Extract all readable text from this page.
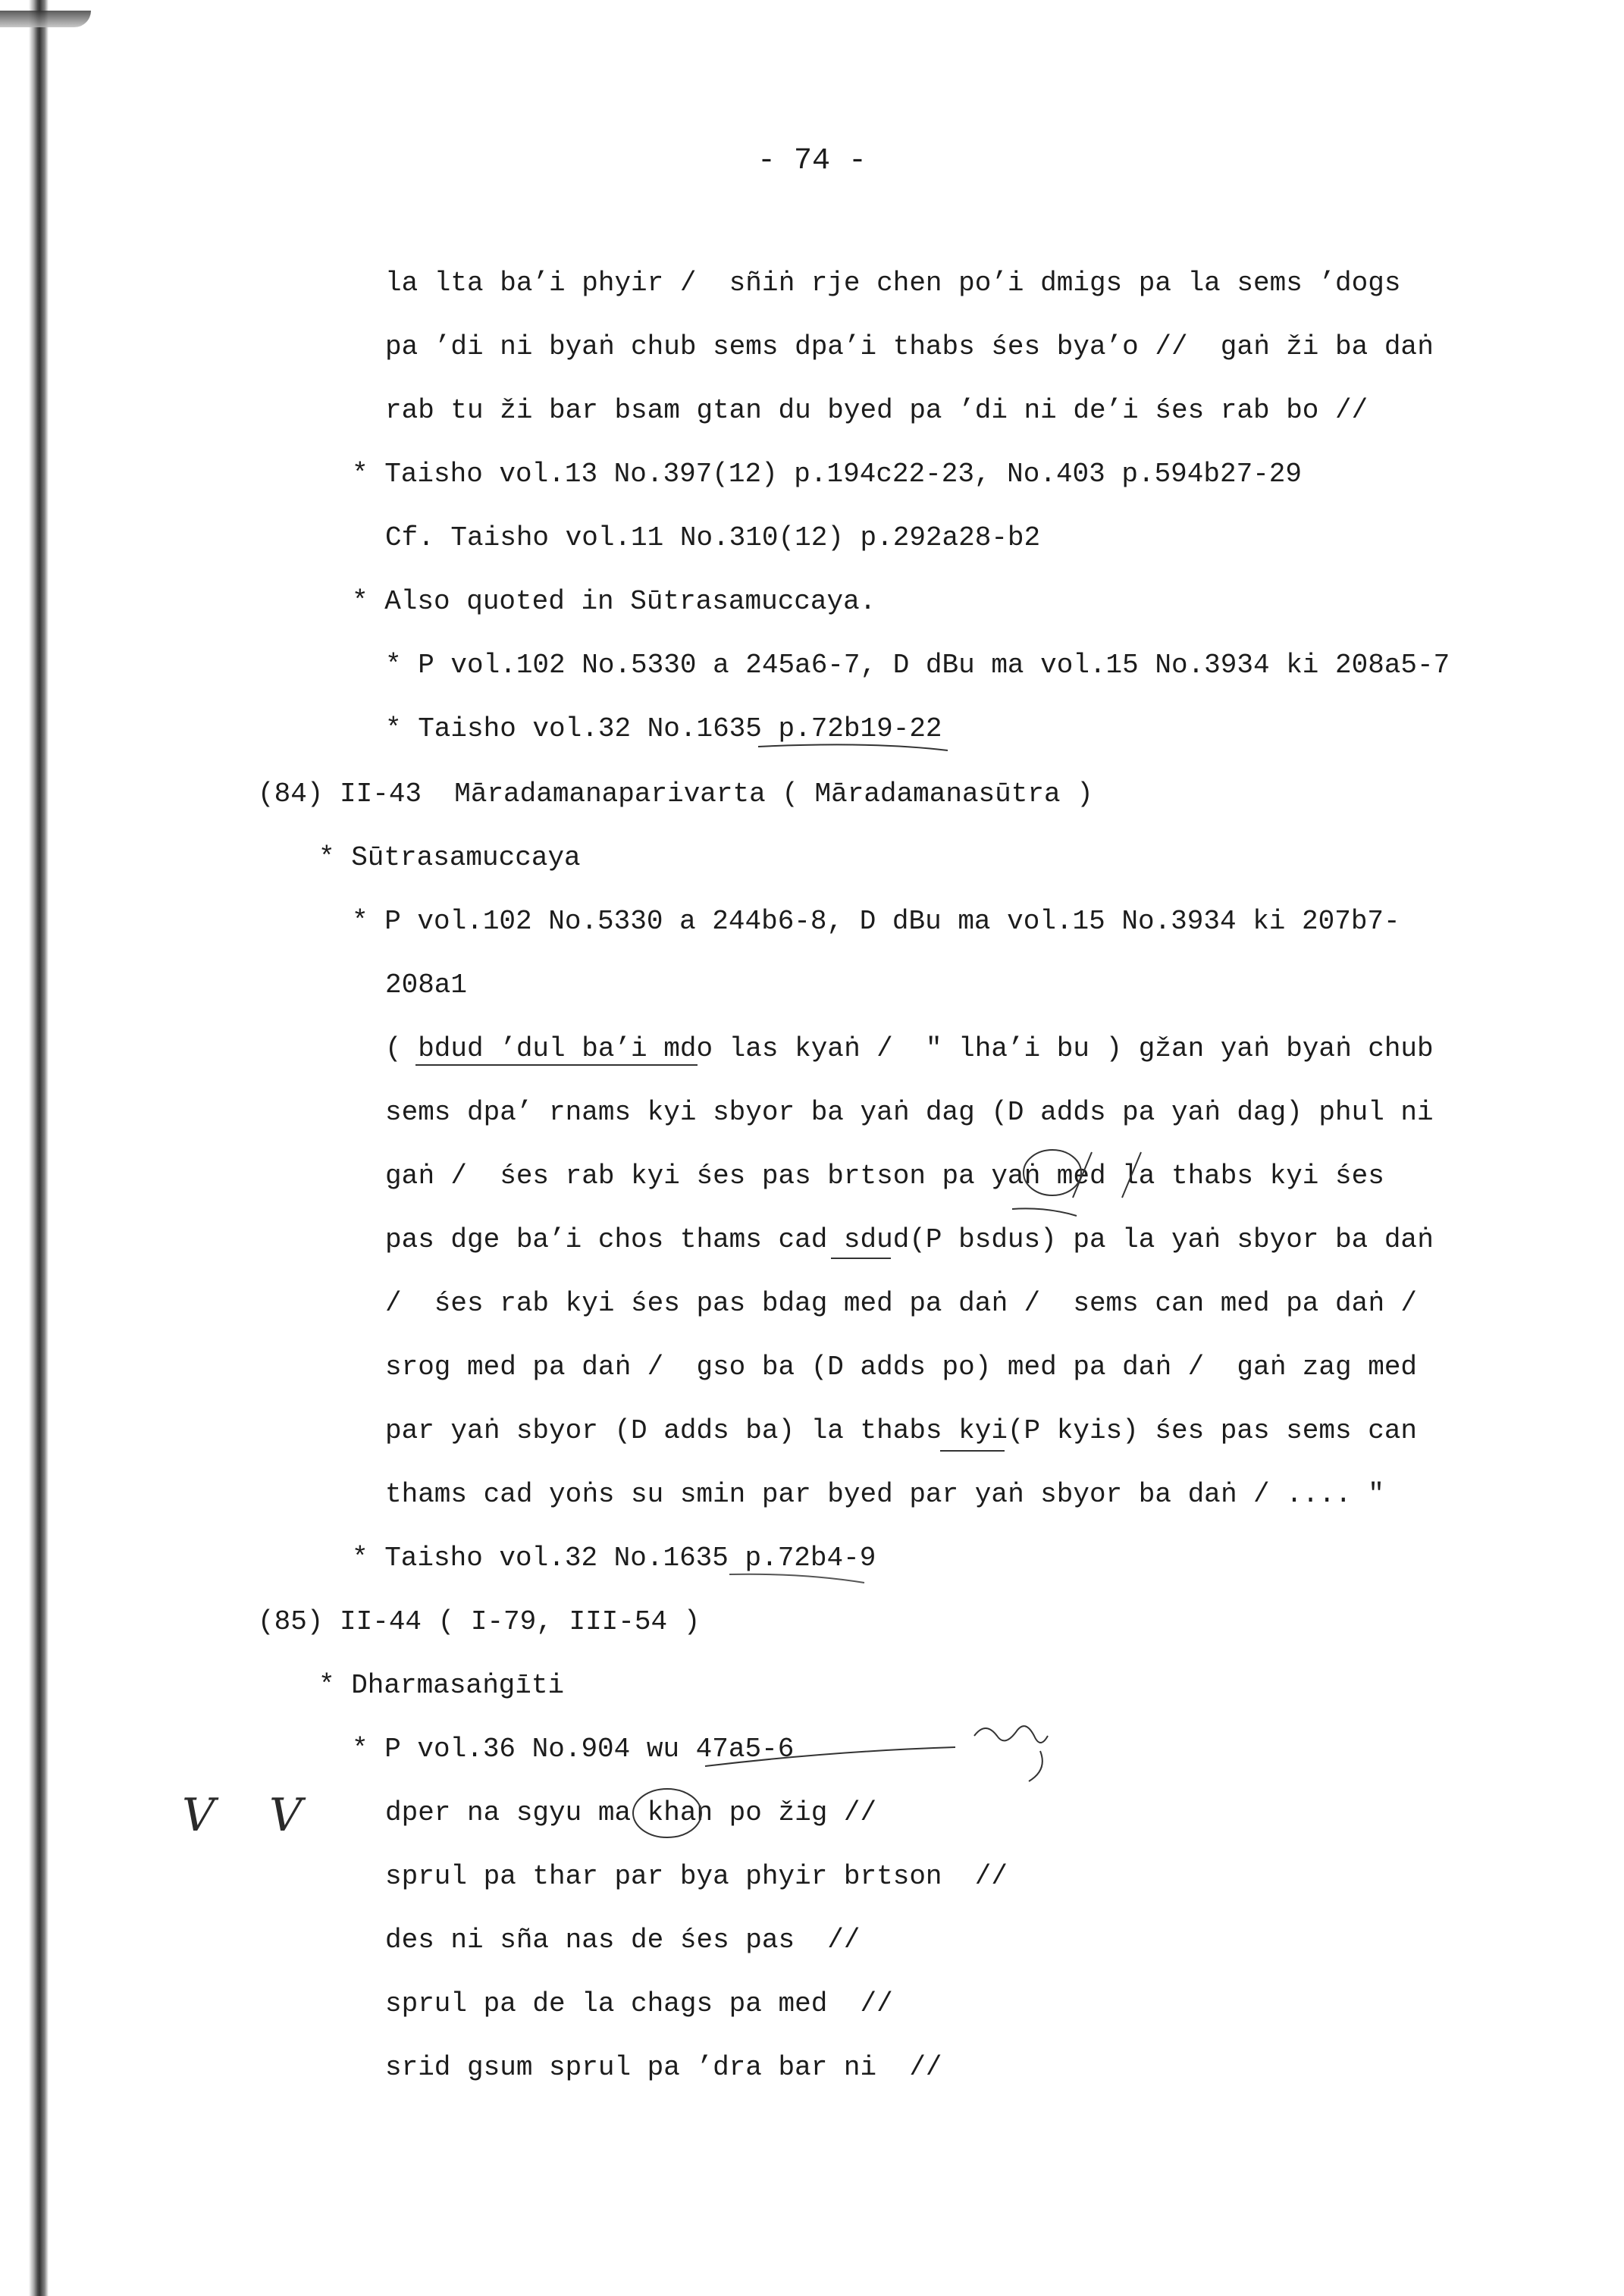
- 74 -
la lta ba’i phyir /  sñiṅ rje chen po’i dmigs pa la sems ’dogs
pa ’di ni byaṅ chub sems dpa’i thabs śes bya’o //  gaṅ ži ba daṅ
rab tu ži bar bsam gtan du byed pa ’di ni de’i śes rab bo //
* Taisho vol.13 No.397(12) p.194c22-23, No.403 p.594b27-29
Cf. Taisho vol.11 No.310(12) p.292a28-b2
* Also quoted in Sūtrasamuccaya.
* P vol.102 No.5330 a 245a6-7, D dBu ma vol.15 No.3934 ki 208a5-7
* Taisho vol.32 No.1635 p.72b19-22
(84) II-43  Māradamanaparivarta ( Māradamanasūtra )
* Sūtrasamuccaya
* P vol.102 No.5330 a 244b6-8, D dBu ma vol.15 No.3934 ki 207b7-
208a1
( bdud ’dul ba’i mdo las kyaṅ /  " lha’i bu ) gžan yaṅ byaṅ chub
sems dpa’ rnams kyi sbyor ba yaṅ dag (D adds pa yaṅ dag) phul ni
gaṅ /  śes rab kyi śes pas brtson pa yaṅ med la thabs kyi śes
pas dge ba’i chos thams cad sdud(P bsdus) pa la yaṅ sbyor ba daṅ
/  śes rab kyi śes pas bdag med pa daṅ /  sems can med pa daṅ /
srog med pa daṅ /  gso ba (D adds po) med pa daṅ /  gaṅ zag med
par yaṅ sbyor (D adds ba) la thabs kyi(P kyis) śes pas sems can
thams cad yoṅs su smin par byed par yaṅ sbyor ba daṅ / .... "
* Taisho vol.32 No.1635 p.72b4-9
(85) II-44 ( I-79, III-54 )
* Dharmasaṅgīti
* P vol.36 No.904 wu 47a5-6
dper na sgyu ma khan po žig //
sprul pa thar par bya phyir brtson  //
des ni sña nas de śes pas  //
sprul pa de la chags pa med  //
srid gsum sprul pa ’dra bar ni  //
V V
